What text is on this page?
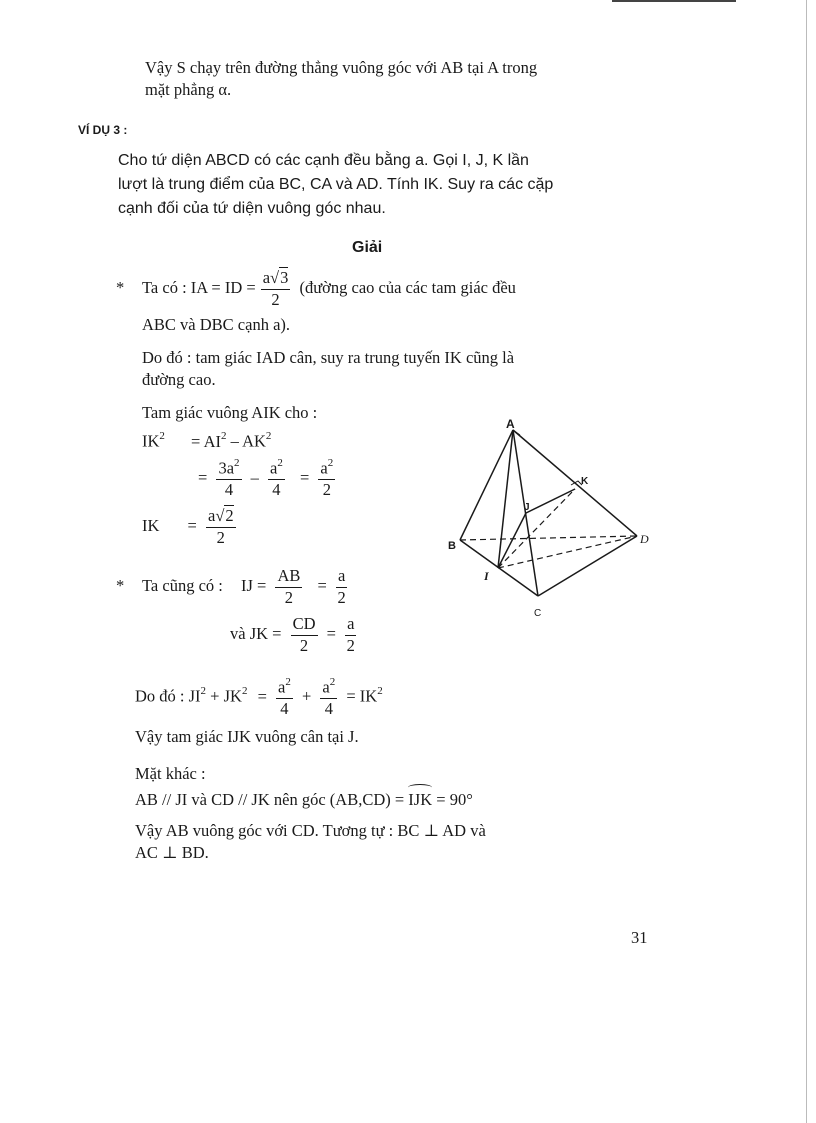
Vậy S chạy trên đường thẳng vuông góc với AB tại A trong
mặt phẳng α.
VÍ DỤ 3 :
Cho tứ diện ABCD có các cạnh đều bằng a. Gọi I, J, K lần
lượt là trung điểm của BC, CA và AD. Tính IK. Suy ra các cặp
cạnh đối của tứ diện vuông góc nhau.
Giải
* Ta có : IA = ID = $\frac{a√3}{2}$ (đường cao của các tam giác đều
ABC và DBC cạnh a).
Do đó : tam giác IAD cân, suy ra trung tuyến IK cũng là
đường cao.
Tam giác vuông AIK cho :
$IK^2 = AI^2 - AK^2$
= $\frac{3a^2}{4} - \frac{a^2}{4} = \frac{a^2}{2}$
IK = $\frac{a√2}{2}$
* Ta cũng có : IJ = $\frac{AB}{2} = \frac{a}{2}$
và JK = $\frac{CD}{2} = \frac{a}{2}$
Do đó : $JI^2 + JK^2 = \frac{a^2}{4} + \frac{a^2}{4} = IK^2$
Vậy tam giác IJK vuông cân tại J.
Mặt khác :
AB // JI và CD // JK nên góc (AB,CD) = IJK = 90°
Vậy AB vuông góc với CD. Tương tự : BC ⊥ AD và
AC ⊥ BD.
31
A
B
C
D
I
J
K
